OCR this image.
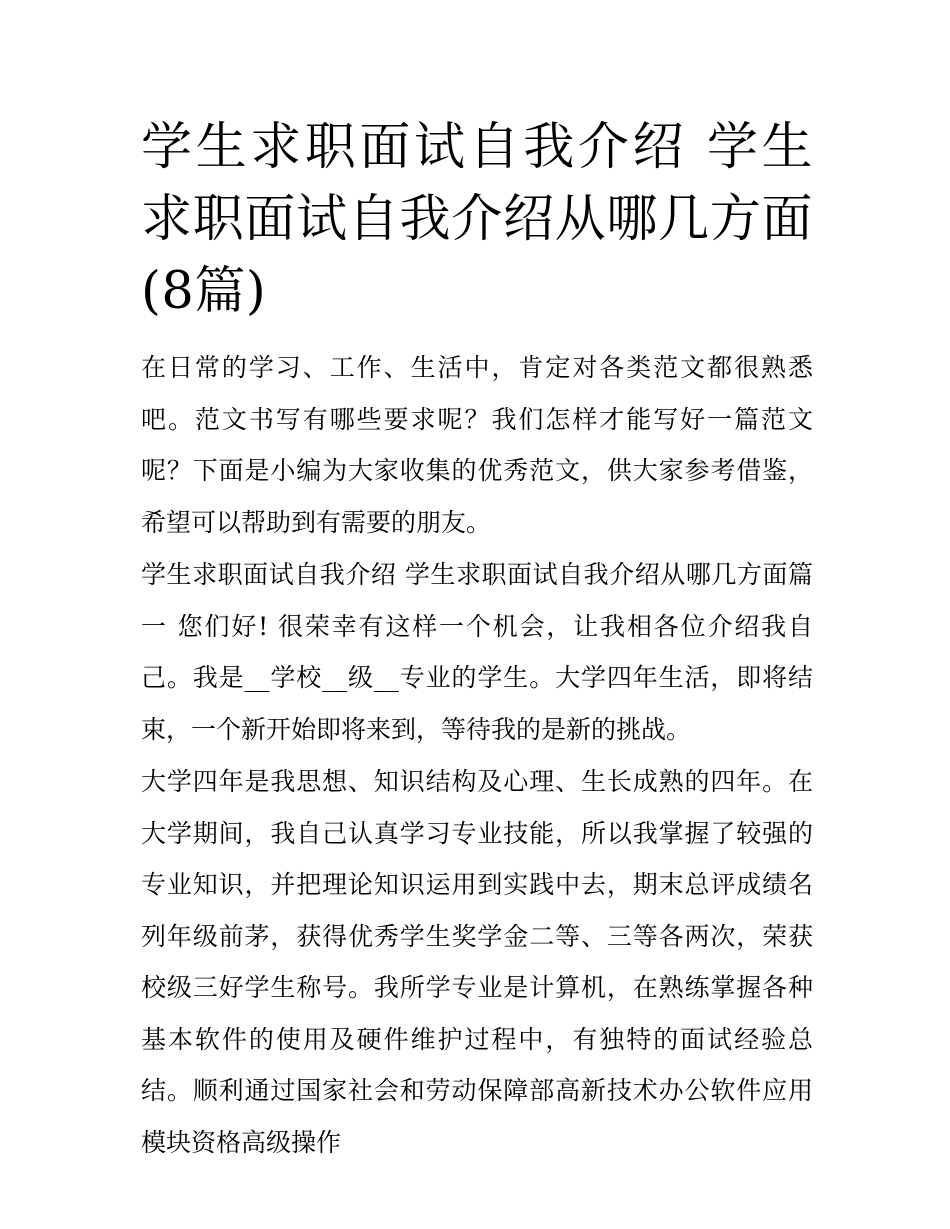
学生求职面试自我介绍 学生求职面试自我介绍从哪几方面(8篇)

在日常的学习、工作、生活中，肯定对各类范文都很熟悉吧。范文书写有哪些要求呢？我们怎样才能写好一篇范文呢？下面是小编为大家收集的优秀范文，供大家参考借鉴，希望可以帮助到有需要的朋友。

学生求职面试自我介绍 学生求职面试自我介绍从哪几方面篇一 您们好! 很荣幸有这样一个机会，让我相各位介绍我自己。我是__学校__级__专业的学生。大学四年生活，即将结束，一个新开始即将来到，等待我的是新的挑战。

大学四年是我思想、知识结构及心理、生长成熟的四年。在大学期间，我自己认真学习专业技能，所以我掌握了较强的专业知识，并把理论知识运用到实践中去，期末总评成绩名列年级前茅，获得优秀学生奖学金二等、三等各两次，荣获校级三好学生称号。我所学专业是计算机，在熟练掌握各种基本软件的使用及硬件维护过程中，有独特的面试经验总结。顺利通过国家社会和劳动保障部高新技术办公软件应用模块资格高级操作
